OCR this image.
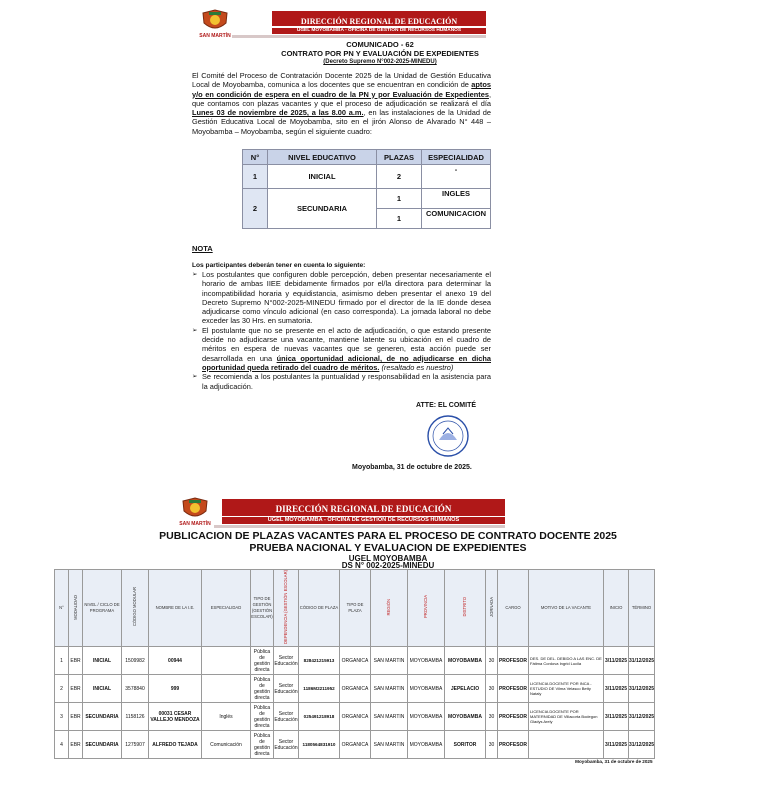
SAN MARTÍN
DIRECCIÓN REGIONAL DE EDUCACIÓN
UGEL MOYOBAMBA - OFICINA DE GESTIÓN DE RECURSOS HUMANOS
COMUNICADO - 62
CONTRATO POR PN Y EVALUACIÓN DE EXPEDIENTES
(Decreto Supremo N°002-2025-MINEDU)
El Comité del Proceso de Contratación Docente 2025 de la Unidad de Gestión Educativa Local de Moyobamba, comunica a los docentes que se encuentran en condición de aptos y/o en condición de espera en el cuadro de la PN y por Evaluación de Expedientes, que contamos con plazas vacantes y que el proceso de adjudicación se realizará el día Lunes 03 de noviembre de 2025, a las 8.00 a.m., en las instalaciones de la Unidad de Gestión Educativa Local de Moyobamba, sito en el jirón Alonso de Alvarado N° 448 – Moyobamba – Moyobamba, según el siguiente cuadro:
N°	NIVEL EDUCATIVO	PLAZAS	ESPECIALIDAD
1	INICIAL	2	-
2	SECUNDARIA	1	INGLES
		1	COMUNICACION
NOTA
Los participantes deberán tener en cuenta lo siguiente:
➢ Los postulantes que configuren doble percepción, deben presentar necesariamente el horario de ambas IIEE debidamente firmados por el/la directora para determinar la incompatibilidad horaria y equidistancia, asimismo deben presentar el anexo 19 del Decreto Supremo N°002-2025-MINEDU firmado por el director de la IE donde desea adjudicarse como vínculo adicional (en caso corresponda). La jornada laboral no debe exceder las 30 Hrs. en sumatoria.
➢ El postulante que no se presente en el acto de adjudicación, o que estando presente decide no adjudicarse una vacante, mantiene latente su ubicación en el cuadro de méritos en espera de nuevas vacantes que se generen, esta acción puede ser desarrollada en una única oportunidad adicional, de no adjudicarse en dicha oportunidad queda retirado del cuadro de méritos. (resaltado es nuestro)
➢ Se recomienda a los postulantes la puntualidad y responsabilidad en la asistencia para la adjudicación.
ATTE: EL COMITÉ
Moyobamba, 31 de octubre de 2025.
SAN MARTÍN
DIRECCIÓN REGIONAL DE EDUCACIÓN
UGEL MOYOBAMBA - OFICINA DE GESTIÓN DE RECURSOS HUMANOS
PUBLICACION DE PLAZAS VACANTES PARA EL PROCESO DE CONTRATO DOCENTE 2025
PRUEBA NACIONAL Y EVALUACION DE EXPEDIENTES
UGEL MOYOBAMBA
DS N° 002-2025-MINEDU
N°	MODALIDAD	NIVEL / CICLO DE PROGRAMA	CÓDIGO MODULAR	NOMBRE DE LA I.E.	ESPECIALIDAD	TIPO DE GESTIÓN (GESTIÓN ESCOLAR)	DEPENDENCIA (GESTIÓN ESCOLAR)	CÓDIGO DE PLAZA	TIPO DE PLAZA	REGIÓN	PROVINCIA	DISTRITO	JORNADA	CARGO	MOTIVO DE LA VACANTE	INICIO	TÉRMINO
1	EBR	INICIAL	1509982	00944		Pública de gestión directa	Sector Educación	828421215913	ORGANICA	SAN MARTIN	MOYOBAMBA	MOYOBAMBA	30	PROFESOR	DES. DE DEL. DEBIDO A LAS ENC. DE Fátima Cordova Ingrid Lucila	3/11/2025	31/12/2025
2	EBR	INICIAL	3578840	999		Pública de gestión directa	Sector Educación	1186M2211952	ORGANICA	SAN MARTIN	MOYOBAMBA	JEPELACIO	30	PROFESOR	LICENCIA DOCENTE POR INCA - ESTUDIO DE Vilma Velasco Betty Nataly	3/11/2025	31/12/2025
3	EBR	SECUNDARIA	1158126	00031 CESAR VALLEJO MENDOZA	Inglés	Pública de gestión directa	Sector Educación	025491218918	ORGANICA	SAN MARTIN	MOYOBAMBA	MOYOBAMBA	30	PROFESOR	LICENCIA DOCENTE POR MATERNIDAD DE Villacorta Bodegon Gladys Arely	3/11/2025	31/12/2025
4	EBR	SECUNDARIA	1275907	ALFREDO TEJADA	Comunicación	Pública de gestión directa	Sector Educación	1180564831910	ORGANICA	SAN MARTIN	MOYOBAMBA	SORITOR	30	PROFESOR		3/11/2025	31/12/2025
Moyobamba, 31 de octubre de 2025																	
